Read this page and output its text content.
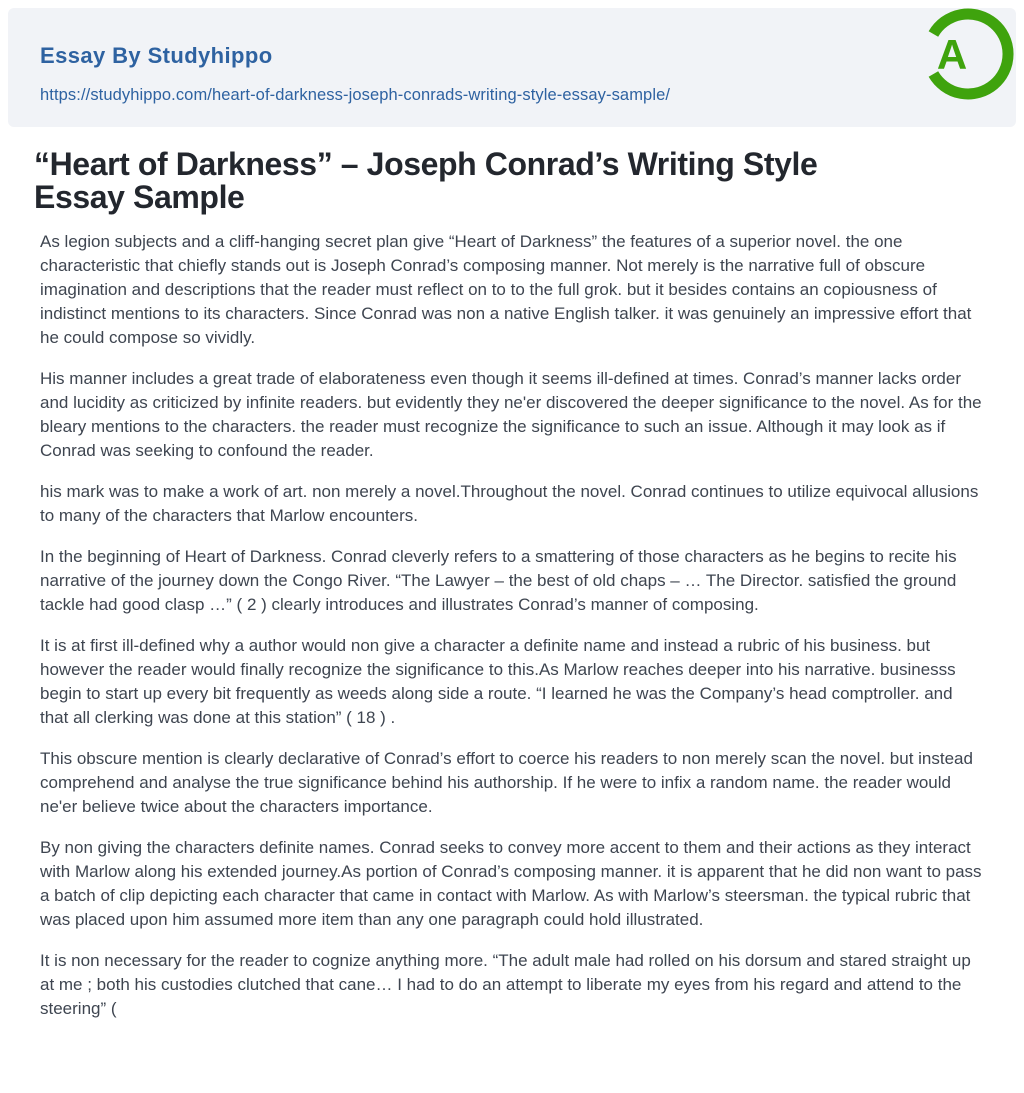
Essay By Studyhippo
https://studyhippo.com/heart-of-darkness-joseph-conrads-writing-style-essay-sample/
A
“Heart of Darkness” – Joseph Conrad’s Writing Style Essay Sample

As legion subjects and a cliff-hanging secret plan give “Heart of Darkness” the features of a superior novel. the one characteristic that chiefly stands out is Joseph Conrad’s composing manner. Not merely is the narrative full of obscure imagination and descriptions that the reader must reflect on to to the full grok. but it besides contains an copiousness of indistinct mentions to its characters. Since Conrad was non a native English talker. it was genuinely an impressive effort that he could compose so vividly.

His manner includes a great trade of elaborateness even though it seems ill-defined at times. Conrad’s manner lacks order and lucidity as criticized by infinite readers. but evidently they ne'er discovered the deeper significance to the novel. As for the bleary mentions to the characters. the reader must recognize the significance to such an issue. Although it may look as if Conrad was seeking to confound the reader.

his mark was to make a work of art. non merely a novel.Throughout the novel. Conrad continues to utilize equivocal allusions to many of the characters that Marlow encounters.

In the beginning of Heart of Darkness. Conrad cleverly refers to a smattering of those characters as he begins to recite his narrative of the journey down the Congo River. “The Lawyer – the best of old chaps – … The Director. satisfied the ground tackle had good clasp …” ( 2 ) clearly introduces and illustrates Conrad’s manner of composing.

It is at first ill-defined why a author would non give a character a definite name and instead a rubric of his business. but however the reader would finally recognize the significance to this.As Marlow reaches deeper into his narrative. businesss begin to start up every bit frequently as weeds along side a route. “I learned he was the Company’s head comptroller. and that all clerking was done at this station” ( 18 ) .

This obscure mention is clearly declarative of Conrad’s effort to coerce his readers to non merely scan the novel. but instead comprehend and analyse the true significance behind his authorship. If he were to infix a random name. the reader would ne'er believe twice about the characters importance.

By non giving the characters definite names. Conrad seeks to convey more accent to them and their actions as they interact with Marlow along his extended journey.As portion of Conrad’s composing manner. it is apparent that he did non want to pass a batch of clip depicting each character that came in contact with Marlow. As with Marlow’s steersman. the typical rubric that was placed upon him assumed more item than any one paragraph could hold illustrated.

It is non necessary for the reader to cognize anything more. “The adult male had rolled on his dorsum and stared straight up at me ; both his custodies clutched that cane… I had to do an attempt to liberate my eyes from his regard and attend to the steering” (
